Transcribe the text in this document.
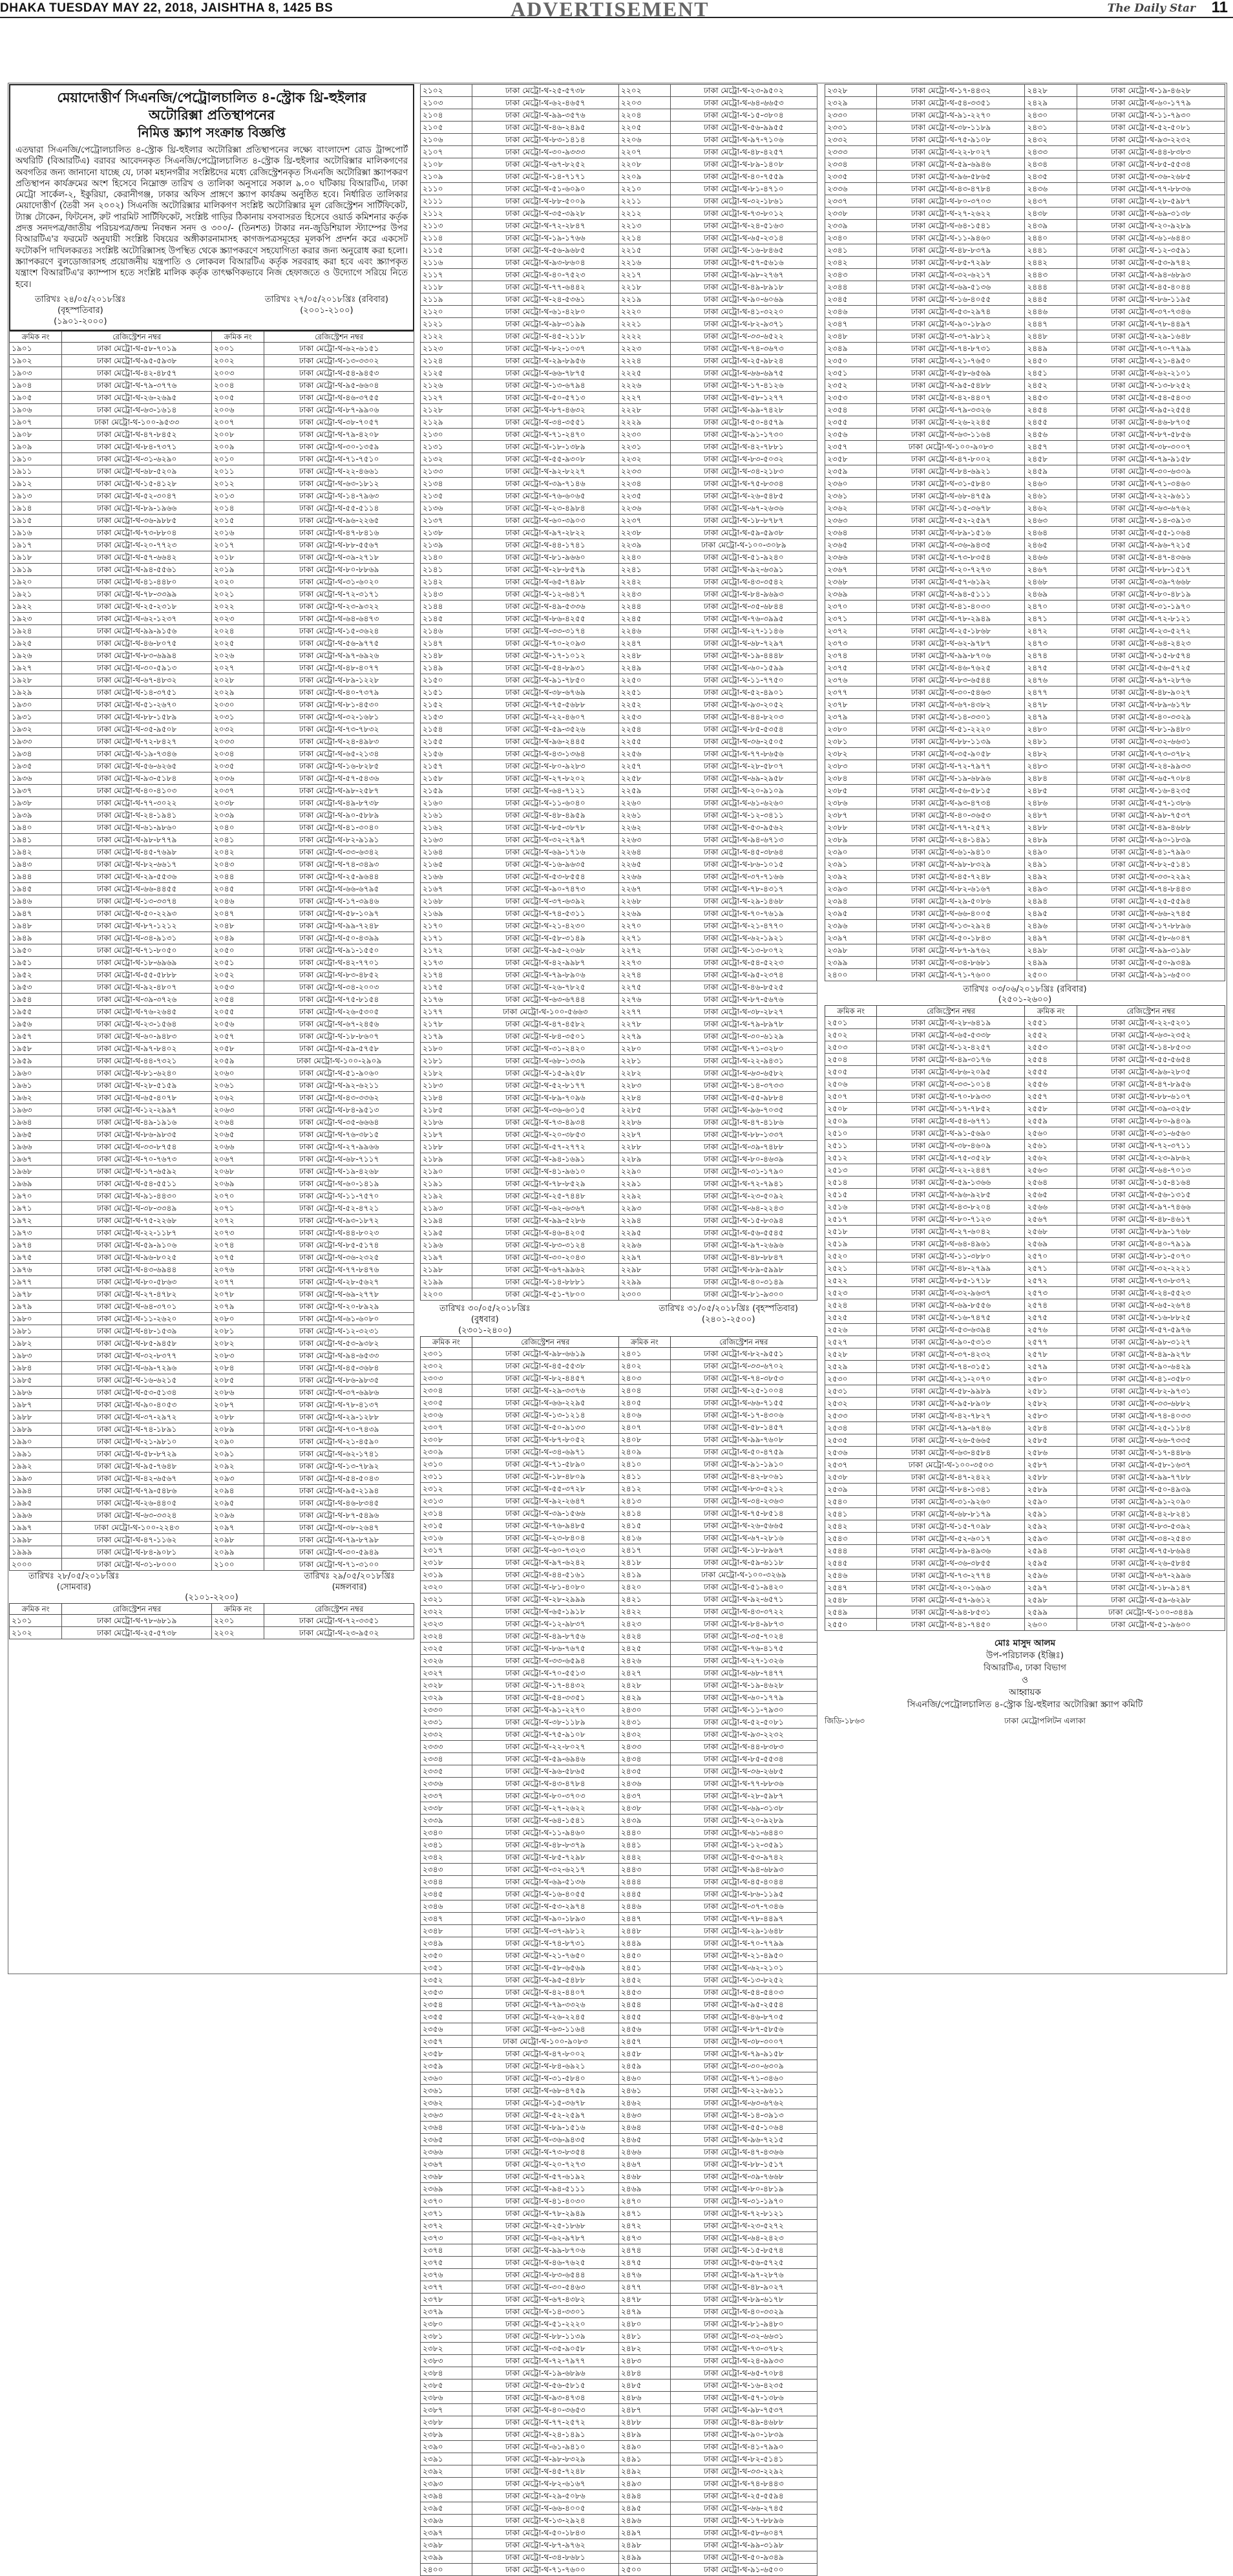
DHAKA TUESDAY MAY 22, 2018, JAISHTHA 8, 1425 BS	ADVERTISEMENT	The Daily Star 11
মেয়াদোত্তীর্ণ সিএনজি/পেট্রোলচালিত ৪-স্ট্রোক থ্রি-হুইলার
অটোরিক্সা প্রতিস্থাপনের
নিমিত্ত স্ক্র্যাপ সংক্রান্ত বিজ্ঞপ্তি

এতদ্বারা সিএনজি/পেট্রোলচালিত ৪-স্ট্রোক থ্রি-হুইলার অটোরিক্সা প্রতিস্থাপনের লক্ষ্যে বাংলাদেশ রোড ট্রান্সপোর্ট অথরিটি (বিআরটিএ) বরাবর আবেদনকৃত সিএনজি/পেট্রোলচালিত ৪-স্ট্রোক থ্রি-হুইলার অটোরিক্সার মালিকগণের অবগতির জন্য জানানো যাচ্ছে যে, ঢাকা মহানগরীর সংশ্লিষ্টদের মধ্যে রেজিস্ট্রেশনকৃত সিএনজি অটোরিক্সা স্ক্র্যাপকরণ প্রতিস্থাপন কার্যক্রমের অংশ হিসেবে নিম্নোক্ত তারিখ ও তালিকা অনুসারে সকাল ৯.০০ ঘটিকায় বিআরটিএ, ঢাকা মেট্রো সার্কেল-২, ইকুরিয়া, কেরানীগঞ্জ, ঢাকার অফিস প্রাঙ্গণে স্ক্র্যাপ কার্যক্রম অনুষ্ঠিত হবে। নির্ধারিত তালিকার মেয়াদোত্তীর্ণ (তৈরী সন ২০০২) সিএনজি অটোরিক্সার মালিকগণ সংশ্লিষ্ট অটোরিক্সার মূল রেজিস্ট্রেশন সার্টিফিকেট, ট্যাক্স টোকেন, ফিটনেস, রুট পারমিট সার্টিফিকেট, সংশ্লিষ্ট গাড়ির ঠিকানায় বসবাসরত হিসেবে ওয়ার্ড কমিশনার কর্তৃক প্রদত্ত সনদপত্র/জাতীয় পরিচয়পত্র/জন্ম নিবন্ধন সনদ ও ৩০০/- (তিনশত) টাকার নন-জুডিশিয়াল স্ট্যাম্পের উপর বিআরটিএ'র ফরমেট অনুযায়ী সংশ্লিষ্ট বিষয়ের অঙ্গীকারনামাসহ কাগজপত্রসমূহের মূলকপি প্রদর্শন করে একসেট ফটোকপি দাখিলকরতঃ সংশ্লিষ্ট অটোরিক্সাসহ উপস্থিত থেকে স্ক্র্যাপকরণে সহযোগিতা করার জন্য অনুরোধ করা হলো। স্ক্র্যাপকরণে বুলডোজারসহ প্রয়োজনীয় যন্ত্রপাতি ও লোকবল বিআরটিএ কর্তৃক সরবরাহ করা হবে এবং স্ক্র্যাপকৃত যন্ত্রাংশ বিআরটিএ'র ক্যাম্পাস হতে সংশ্লিষ্ট মালিক কর্তৃক তাৎক্ষণিকভাবে নিজ হেফাজতে ও উদ্যোগে সরিয়ে নিতে হবে।

তারিখঃ ২৪/০৫/২০১৮খ্রিঃ
(বৃহস্পতিবার)
(১৯০১-২০০০)
তারিখঃ ২৭/০৫/২০১৮খ্রিঃ (রবিবার)
(২০০১-২১০০)
ক্রমিক নং	রেজিস্ট্রেশন নম্বর	ক্রমিক নং	রেজিস্ট্রেশন নম্বর
১৯০১	ঢাকা মেট্রো-থ-৫৮-৭০১৯	২০০১	ঢাকা মেট্রো-থ-৬২-৬১৫১
১৯০২	ঢাকা মেট্রো-থ-৯৫-৫৯৩৮	২০০২	ঢাকা মেট্রো-থ-১৩-৩৩০২
১৯০৩	ঢাকা মেট্রো-থ-৪২-৪৮৫৭	২০০৩	ঢাকা মেট্রো-থ-৫৪-৯৪৫৩
১৯০৪	ঢাকা মেট্রো-থ-৭৯-৩৭৭৬	২০০৪	ঢাকা মেট্রো-থ-৯৫-৬৬০৪
১৯০৫	ঢাকা মেট্রো-থ-২৬-২৬৯৫	২০০৫	ঢাকা মেট্রো-থ-৪৬-৩৭৫৫
১৯০৬	ঢাকা মেট্রো-থ-৬৩-১৬১৪	২০০৬	ঢাকা মেট্রো-থ-৮৭-৯৯০৬
১৯০৭	ঢাকা মেট্রো-থ-১০০-৯৫৩৩	২০০৭	ঢাকা মেট্রো-থ-৩৮-৭০৫৭
১৯০৮	ঢাকা মেট্রো-থ-৪৭-৮৪৫২	২০০৮	ঢাকা মেট্রো-থ-৭৯-৪২০৮
১৯০৯	ঢাকা মেট্রো-থ-৮৪-৭৩৭১	২০০৯	ঢাকা মেট্রো-থ-৩০-১৩৫৯
১৯১০	ঢাকা মেট্রো-থ-৩১-৬২৯০	২০১০	ঢাকা মেট্রো-থ-৭১-৭৫১০
১৯১১	ঢাকা মেট্রো-থ-৬৮-৫২০৯	২০১১	ঢাকা মেট্রো-থ-২২-৪৬৬১
১৯১২	ঢাকা মেট্রো-থ-১৫-৪১২৮	২০১২	ঢাকা মেট্রো-থ-৬৩-১৮১২
১৯১৩	ঢাকা মেট্রো-থ-৫২-৩০৪৭	২০১৩	ঢাকা মেট্রো-থ-১৪-৭৯৬৩
১৯১৪	ঢাকা মেট্রো-থ-৮৯-১৯৬৬	২০১৪	ঢাকা মেট্রো-থ-৫৫-৫১১৪
১৯১৫	ঢাকা মেট্রো-থ-৩৬-৯৮৮৫	২০১৫	ঢাকা মেট্রো-থ-৯৬-২২৬৫
১৯১৬	ঢাকা মেট্রো-থ-৭৩-৮৮০৪	২০১৬	ঢাকা মেট্রো-থ-৪৭-৮৪১৬
১৯১৭	ঢাকা মেট্রো-থ-২০-৭৭২৩	২০১৭	ঢাকা মেট্রো-থ-৮৮-৫৫৬৭
১৯১৮	ঢাকা মেট্রো-থ-৫৭-৬৬৪২	২০১৮	ঢাকা মেট্রো-থ-৩৯-২৭১৮
১৯১৯	ঢাকা মেট্রো-থ-৯৪-৫৫৬১	২০১৯	ঢাকা মেট্রো-থ-৮০-৮৮৬৯
১৯২০	ঢাকা মেট্রো-থ-৪১-৪৪৮০	২০২০	ঢাকা মেট্রো-থ-৩১-৬০২০
১৯২১	ঢাকা মেট্রো-থ-৭৮-৩৩৯৯	২০২১	ঢাকা মেট্রো-থ-৭২-৩১৭১
১৯২২	ঢাকা মেট্রো-থ-২৫-২৩১৮	২০২২	ঢাকা মেট্রো-থ-২৩-৯৩২২
১৯২৩	ঢাকা মেট্রো-থ-৬২-১২৩৭	২০২৩	ঢাকা মেট্রো-থ-৬৪-৬৪৭৩
১৯২৪	ঢাকা মেট্রো-থ-৯৯-৯১৫৬	২০২৪	ঢাকা মেট্রো-থ-১৫-৩৬২৪
১৯২৫	ঢাকা মেট্রো-থ-৪৬-৮০৭৫	২০২৫	ঢাকা মেট্রো-থ-৫৬-৯৭৭৫
১৯২৬	ঢাকা মেট্রো-থ-৮৩-৬৯৯৪	২০২৬	ঢাকা মেট্রো-থ-৯৭-৬৯২৬
১৯২৭	ঢাকা মেট্রো-থ-৩০-৫৯১৩	২০২৭	ঢাকা মেট্রো-থ-৪৮-৪০৭৭
১৯২৮	ঢাকা মেট্রো-থ-৬৭-৪৮৩২	২০২৮	ঢাকা মেট্রো-থ-৮৯-১২২৮
১৯২৯	ঢাকা মেট্রো-থ-১৪-৩৭৫১	২০২৯	ঢাকা মেট্রো-থ-৪০-৭৩৭৯
১৯৩০	ঢাকা মেট্রো-থ-৫১-২৬৭০	২০৩০	ঢাকা মেট্রো-থ-৮১-৪৫৩০
১৯৩১	ঢাকা মেট্রো-থ-৮৮-১৫৮৯	২০৩১	ঢাকা মেট্রো-থ-৩২-১৬৮১
১৯৩২	ঢাকা মেট্রো-থ-৩৫-৯৫০৮	২০৩২	ঢাকা মেট্রো-থ-৭৩-৭৮৩২
১৯৩৩	ঢাকা মেট্রো-থ-৭২-৮৪২৭	২০৩৩	ঢাকা মেট্রো-থ-২৪-৪৯৮৩
১৯৩৪	ঢাকা মেট্রো-থ-১৯-৭৩৪৬	২০৩৪	ঢাকা মেট্রো-থ-৬৫-২১৩৪
১৯৩৫	ঢাকা মেট্রো-থ-৫৬-৬২৬৫	২০৩৫	ঢাকা মেট্রো-থ-১৬-৮২৮৫
১৯৩৬	ঢাকা মেট্রো-থ-৯৩-৫১৮৪	২০৩৬	ঢাকা মেট্রো-থ-৫৭-৫৪৩৬
১৯৩৭	ঢাকা মেট্রো-থ-৪০-৪১০৩	২০৩৭	ঢাকা মেট্রো-থ-৯৮-২৫৮৭
১৯৩৮	ঢাকা মেট্রো-থ-৭৭-৩০২২	২০৩৮	ঢাকা মেট্রো-থ-৪৯-৮৭৩৮
১৯৩৯	ঢাকা মেট্রো-থ-২৪-১৯৪১	২০৩৯	ঢাকা মেট্রো-থ-৯০-৫৮৮৯
১৯৪০	ঢাকা মেট্রো-থ-৬১-৯৮৬০	২০৪০	ঢাকা মেট্রো-থ-৪১-৩০৪০
১৯৪১	ঢাকা মেট্রো-থ-৯৮-৮৭৭৯	২০৪১	ঢাকা মেট্রো-থ-৮২-৯১৯১
১৯৪২	ঢাকা মেট্রো-থ-৪৫-৭৬৯৮	২০৪২	ঢাকা মেট্রো-থ-৩৩-৬৩৪২
১৯৪৩	ঢাকা মেট্রো-থ-৮২-৬৬১৭	২০৪৩	ঢাকা মেট্রো-থ-৭৪-৩৪৯৩
১৯৪৪	ঢাকা মেট্রো-থ-২৯-৫৫৩৬	২০৪৪	ঢাকা মেট্রো-থ-২৫-৯৬৪৪
১৯৪৫	ঢাকা মেট্রো-থ-৬৬-৪৪৫৫	২০৪৫	ঢাকা মেট্রো-থ-৬৬-৬৭৯৫
১৯৪৬	ঢাকা মেট্রো-থ-১৩-৩৩৭৪	২০৪৬	ঢাকা মেট্রো-থ-১৭-৩৯৪৬
১৯৪৭	ঢাকা মেট্রো-থ-৫০-২২৯৩	২০৪৭	ঢাকা মেট্রো-থ-৫৮-১০৯৭
১৯৪৮	ঢাকা মেট্রো-থ-৮৭-১২১২	২০৪৮	ঢাকা মেট্রো-থ-৯৯-৭২৪৮
১৯৪৯	ঢাকা মেট্রো-থ-৩৪-৯১৩১	২০৪৯	ঢাকা মেট্রো-থ-৫০-৪৩৯৯
১৯৫০	ঢাকা মেট্রো-থ-৭১-৮০৫০	২০৫০	ঢাকা মেট্রো-থ-৯১-১৫৫০
১৯৫১	ঢাকা মেট্রো-থ-১৮-৬৯৬৯	২০৫১	ঢাকা মেট্রো-থ-৪২-৭৭০১
১৯৫২	ঢাকা মেট্রো-থ-৫৫-৫৮৮৮	২০৫২	ঢাকা মেট্রো-থ-৮৩-৪৮৫২
১৯৫৩	ঢাকা মেট্রো-থ-৯২-৪৮০৭	২০৫৩	ঢাকা মেট্রো-থ-৩৪-২০০৩
১৯৫৪	ঢাকা মেট্রো-থ-৩৯-৩৭২৬	২০৫৪	ঢাকা মেট্রো-থ-৭৫-৮১৫৪
১৯৫৫	ঢাকা মেট্রো-থ-৭৬-২৬৪৫	২০৫৫	ঢাকা মেট্রো-থ-২৬-৫৩০৫
১৯৫৬	ঢাকা মেট্রো-থ-২৩-১৫৬৪	২০৫৬	ঢাকা মেট্রো-থ-৬৭-২৪৫৬
১৯৫৭	ঢাকা মেট্রো-থ-৬০-৯৪৮৩	২০৫৭	ঢাকা মেট্রো-থ-১৮-৮৬০৭
১৯৫৮	ঢাকা মেট্রো-থ-৯৭-৮৪০২	২০৫৮	ঢাকা মেট্রো-থ-৫৯-৫৭৫৮
১৯৫৯	ঢাকা মেট্রো-থ-৪৪-৭৩২১	২০৫৯	ঢাকা মেট্রো-থ-১০০-২৯০৯
১৯৬০	ঢাকা মেট্রো-থ-৮১-৬২৪০	২০৬০	ঢাকা মেট্রো-থ-৫১-৯০৬০
১৯৬১	ঢাকা মেট্রো-থ-২৮-৫১৫৯	২০৬১	ঢাকা মেট্রো-থ-৯২-৬২১১
১৯৬২	ঢাকা মেট্রো-থ-৬৫-৪০৭৮	২০৬২	ঢাকা মেট্রো-থ-৪৩-৩৩৬২
১৯৬৩	ঢাকা মেট্রো-থ-১২-২৯৯৭	২০৬৩	ঢাকা মেট্রো-থ-৮৪-৯৫১৩
১৯৬৪	ঢাকা মেট্রো-থ-৪৯-১৯১৬	২০৬৪	ঢাকা মেট্রো-থ-৩৫-৬৬৬৪
১৯৬৫	ঢাকা মেট্রো-থ-৮৬-৯৮৩৫	২০৬৫	ঢাকা মেট্রো-থ-৭৬-৩৮১৫
১৯৬৬	ঢাকা মেট্রো-থ-৩৩-৮৭৫৪	২০৬৬	ঢাকা মেট্রো-থ-২৭-৯৯৬৬
১৯৬৭	ঢাকা মেট্রো-থ-৭০-৭৬৭৩	২০৬৭	ঢাকা মেট্রো-থ-৬৮-৭১১৭
১৯৬৮	ঢাকা মেট্রো-থ-১৭-৬৫৯২	২০৬৮	ঢাকা মেট্রো-থ-১৯-৪২৬৮
১৯৬৯	ঢাকা মেট্রো-থ-৫৪-৫৫১১	২০৬৯	ঢাকা মেট্রো-থ-৬০-১৪১৯
১৯৭০	ঢাকা মেট্রো-থ-৯১-৪৪৩০	২০৭০	ঢাকা মেট্রো-থ-১১-৭৫৭০
১৯৭১	ঢাকা মেট্রো-থ-৩৮-৩৩৪৯	২০৭১	ঢাকা মেট্রো-থ-৫২-৪৭২১
১৯৭২	ঢাকা মেট্রো-থ-৭৫-২২৬৮	২০৭২	ঢাকা মেট্রো-থ-৯৩-১৮৭২
১৯৭৩	ঢাকা মেট্রো-থ-২২-১১৮৭	২০৭৩	ঢাকা মেট্রো-থ-৪৪-৮০২৩
১৯৭৪	ঢাকা মেট্রো-থ-৫৯-৯১০৬	২০৭৪	ঢাকা মেট্রো-থ-৮৫-৫১৭৪
১৯৭৫	ঢাকা মেট্রো-থ-৯৬-৮০২৫	২০৭৫	ঢাকা মেট্রো-থ-৩৬-২৩২৫
১৯৭৬	ঢাকা মেট্রো-থ-৪৩-৬৯৪৪	২০৭৬	ঢাকা মেট্রো-থ-৭৭-৮৪৭৬
১৯৭৭	ঢাকা মেট্রো-থ-৮০-৫৮৬৩	২০৭৭	ঢাকা মেট্রো-থ-২৮-৫৬২৭
১৯৭৮	ঢাকা মেট্রো-থ-২৭-৪৭৮২	২০৭৮	ঢাকা মেট্রো-থ-৬৯-২৭৭৮
১৯৭৯	ঢাকা মেট্রো-থ-৬৪-৩৭০১	২০৭৯	ঢাকা মেট্রো-থ-২০-৮৯২৯
১৯৮০	ঢাকা মেট্রো-থ-১১-২৬২০	২০৮০	ঢাকা মেট্রো-থ-৬১-৬০৮০
১৯৮১	ঢাকা মেট্রো-থ-৪৮-১৫৩৯	২০৮১	ঢাকা মেট্রো-থ-১২-৩২৩১
১৯৮২	ঢাকা মেট্রো-থ-৮৫-৯৪৫৮	২০৮২	ঢাকা মেট্রো-থ-৫৩-৯৩৮২
১৯৮৩	ঢাকা মেট্রো-থ-৩২-৮৩৭৭	২০৮৩	ঢাকা মেট্রো-থ-৯৪-৬৫৩৩
১৯৮৪	ঢাকা মেট্রো-থ-৬৯-৭২৯৬	২০৮৪	ঢাকা মেট্রো-থ-৪৫-৩৬৮৪
১৯৮৫	ঢাকা মেট্রো-থ-১৬-৬২১৫	২০৮৫	ঢাকা মেট্রো-থ-৮৬-৯৮৩৫
১৯৮৬	ঢাকা মেট্রো-থ-৫৩-৫১৩৪	২০৮৬	ঢাকা মেট্রো-থ-৩৭-৬৯৮৬
১৯৮৭	ঢাকা মেট্রো-থ-৯০-৪০৫৩	২০৮৭	ঢাকা মেট্রো-থ-৭৮-৪১৩৭
১৯৮৮	ঢাকা মেট্রো-থ-৩৭-২৯৭২	২০৮৮	ঢাকা মেট্রো-থ-২৯-১২৮৮
১৯৮৯	ঢাকা মেট্রো-থ-৭৪-১৮৯১	২০৮৯	ঢাকা মেট্রো-থ-৭০-৭৪৩৯
১৯৯০	ঢাকা মেট্রো-থ-২১-৯৮১০	২০৯০	ঢাকা মেট্রো-থ-২১-৪৫৯০
১৯৯১	ঢাকা মেট্রো-থ-৫৮-৮৭২৯	২০৯১	ঢাকা মেট্রো-থ-৬২-১৭৪১
১৯৯২	ঢাকা মেট্রো-থ-৯৫-৭৬৪৮	২০৯২	ঢাকা মেট্রো-থ-১৩-৭৮৯২
১৯৯৩	ঢাকা মেট্রো-থ-৪২-৬৫৬৭	২০৯৩	ঢাকা মেট্রো-থ-৫৪-৫০৪৩
১৯৯৪	ঢাকা মেট্রো-থ-৭৯-৫৪৮৬	২০৯৪	ঢাকা মেট্রো-থ-৯৫-২১৯৪
১৯৯৫	ঢাকা মেট্রো-থ-২৬-৪৪০৫	২০৯৫	ঢাকা মেট্রো-থ-৪৬-৮৩৪৫
১৯৯৬	ঢাকা মেট্রো-থ-৬৩-৩৩২৪	২০৯৬	ঢাকা মেট্রো-থ-৮৭-৫৪৯৬
১৯৯৭	ঢাকা মেট্রো-থ-১০০-২২৪৩	২০৯৭	ঢাকা মেট্রো-থ-৩৮-২৬৪৭
১৯৯৮	ঢাকা মেট্রো-থ-৪৭-১১৬২	২০৯৮	ঢাকা মেট্রো-থ-৭৯-৮৭৯৮
১৯৯৯	ঢাকা মেট্রো-থ-৮৪-৯০৮১	২০৯৯	ঢাকা মেট্রো-থ-৩০-৫৯৪৯
২০০০	ঢাকা মেট্রো-থ-৩১-৮০০০	২১০০	ঢাকা মেট্রো-থ-৭১-৩১০০
তারিখঃ ২৮/০৫/২০১৮খ্রিঃ
(সোমবার)
তারিখঃ ২৯/০৫/২০১৮খ্রিঃ
(মঙ্গলবার)
(২১০১-২২০০)
ক্রমিক নং	রেজিস্ট্রেশন নম্বর	ক্রমিক নং	রেজিস্ট্রেশন নম্বর
২১০১	ঢাকা মেট্রো-থ-৭৮-৬৮১৯	২২০১	ঢাকা মেট্রো-থ-৭২-৩৩৫১
২১০২	ঢাকা মেট্রো-থ-২৫-৫৭৩৮	২২০২	ঢাকা মেট্রো-থ-২৩-৯৫০২
২১০২	ঢাকা মেট্রো-থ-২৫-৫৭৩৮	২২০২	ঢাকা মেট্রো-থ-২৩-৯৫০২
২১০৩	ঢাকা মেট্রো-থ-৬২-৪৬৫৭	২২০৩	ঢাকা মেট্রো-থ-৬৪-৬৬৫৩
২১০৪	ঢাকা মেট্রো-থ-৯৯-৩৫৭৬	২২০৪	ঢাকা মেট্রো-থ-১৫-৩৮০৪
২১০৫	ঢাকা মেট্রো-থ-৪৬-২৪৯৫	২২০৫	ঢাকা মেট্রো-থ-৫৬-৯৯৫৫
২১০৬	ঢাকা মেট্রো-থ-৮৩-১৪১৪	২২০৬	ঢাকা মেট্রো-থ-৯৭-৭১০৬
২১০৭	ঢাকা মেট্রো-থ-৩০-৯৩৩৩	২২০৭	ঢাকা মেট্রো-থ-৪৮-৪২৫৭
২১০৮	ঢাকা মেট্রো-থ-৬৭-৮২৫২	২২০৮	ঢাকা মেট্রো-থ-৮৯-১৪০৮
২১০৯	ঢাকা মেট্রো-থ-১৪-৭১৭১	২২০৯	ঢাকা মেট্রো-থ-৪০-৭৫৫৯
২১১০	ঢাকা মেট্রো-থ-৫১-৬০৯০	২২১০	ঢাকা মেট্রো-থ-৮১-৪৭১০
২১১১	ঢাকা মেট্রো-থ-৮৮-৫০০৯	২২১১	ঢাকা মেট্রো-থ-৩২-১৮৬১
২১১২	ঢাকা মেট্রো-থ-৩৫-৩৯২৮	২২১২	ঢাকা মেট্রো-থ-৭৩-৮০১২
২১১৩	ঢাকা মেট্রো-থ-৭২-২৮৪৭	২২১৩	ঢাকা মেট্রো-থ-২৪-৫১৬৩
২১১৪	ঢাকা মেট্রো-থ-১৯-১৭৬৬	২২১৪	ঢাকা মেট্রো-থ-৬৫-২৩১৪
২১১৫	ঢাকা মেট্রো-থ-৫৬-৯৬৮৫	২২১৫	ঢাকা মেট্রো-থ-১৬-৮৪৬৫
২১১৬	ঢাকা মেট্রো-থ-৯৩-৮৬০৪	২২১৬	ঢাকা মেট্রো-থ-৫৭-৫৬১৬
২১১৭	ঢাকা মেট্রো-থ-৪০-৭৫২৩	২২১৭	ঢাকা মেট্রো-থ-৯৮-২৭৬৭
২১১৮	ঢাকা মেট্রো-থ-৭৭-৬৪৪২	২২১৮	ঢাকা মেট্রো-থ-৪৯-৮৯১৮
২১১৯	ঢাকা মেট্রো-থ-২৪-৫৩৬১	২২১৯	ঢাকা মেট্রো-থ-৯০-৬০৬৯
২১২০	ঢাকা মেট্রো-থ-৬১-৪২৮০	২২২০	ঢাকা মেট্রো-থ-৪১-৩২২০
২১২১	ঢাকা মেট্রো-থ-৯৮-৩১৯৯	২২২১	ঢাকা মেট্রো-থ-৮২-৯৩৭১
২১২২	ঢাকা মেট্রো-থ-৪৫-২১১৮	২২২২	ঢাকা মেট্রো-থ-৩৩-৬৫২২
২১২৩	ঢাকা মেট্রো-থ-৮২-১০৩৭	২২২৩	ঢাকা মেট্রো-থ-৭৪-৩৬৭৩
২১২৪	ঢাকা মেট্রো-থ-২৯-৮৯৫৬	২২২৪	ঢাকা মেট্রো-থ-২৫-৯৮২৪
২১২৫	ঢাকা মেট্রো-থ-৬৬-৭৮৭৫	২২২৫	ঢাকা মেট্রো-থ-৬৬-৬৯৭৫
২১২৬	ঢাকা মেট্রো-থ-১৩-৬৭৯৪	২২২৬	ঢাকা মেট্রো-থ-১৭-৪১২৬
২১২৭	ঢাকা মেট্রো-থ-৫০-৫৭১৩	২২২৭	ঢাকা মেট্রো-থ-৫৮-১২৭৭
২১২৮	ঢাকা মেট্রো-থ-৮৭-৪৬৩২	২২২৮	ঢাকা মেট্রো-থ-৯৯-৭৪২৮
২১২৯	ঢাকা মেট্রো-থ-৩৪-৩৫৫১	২২২৯	ঢাকা মেট্রো-থ-৫০-৪৫৭৯
২১৩০	ঢাকা মেট্রো-থ-৭১-২৪৭০	২২৩০	ঢাকা মেট্রো-থ-৯১-১৭৩০
২১৩১	ঢাকা মেট্রো-থ-১৮-১৩৮৯	২২৩১	ঢাকা মেট্রো-থ-৪২-৭৮৮১
২১৩২	ঢাকা মেট্রো-থ-৫৫-৯৩০৮	২২৩২	ঢাকা মেট্রো-থ-৮৩-৫০৩২
২১৩৩	ঢাকা মেট্রো-থ-৯২-৮২২৭	২২৩৩	ঢাকা মেট্রো-থ-৩৪-২১৮৩
২১৩৪	ঢাকা মেট্রো-থ-৩৯-৭১৪৬	২২৩৪	ঢাকা মেট্রো-থ-৭৫-৮৩৩৪
২১৩৫	ঢাকা মেট্রো-থ-৭৬-৬০৬৫	২২৩৫	ঢাকা মেট্রো-থ-২৬-৫৪৮৫
২১৩৬	ঢাকা মেট্রো-থ-২৩-৪৯৮৪	২২৩৬	ঢাকা মেট্রো-থ-৬৭-২৬৩৬
২১৩৭	ঢাকা মেট্রো-থ-৬০-৩৯০৩	২২৩৭	ঢাকা মেট্রো-থ-১৮-৮৭৮৭
২১৩৮	ঢাকা মেট্রো-থ-৯৭-২৮২২	২২৩৮	ঢাকা মেট্রো-থ-৫৯-৫৯৩৮
২১৩৯	ঢাকা মেট্রো-থ-৪৪-১৭৪১	২২৩৯	ঢাকা মেট্রো-থ-১০০-৩০৮৯
২১৪০	ঢাকা মেট্রো-থ-৮১-৯৬৬০	২২৪০	ঢাকা মেট্রো-থ-৫১-৯২৪০
২১৪১	ঢাকা মেট্রো-থ-২৮-৮৫৭৯	২২৪১	ঢাকা মেট্রো-থ-৯২-৬৩৯১
২১৪২	ঢাকা মেট্রো-থ-৬৫-৭৪৯৮	২২৪২	ঢাকা মেট্রো-থ-৪৩-৩৫৪২
২১৪৩	ঢাকা মেট্রো-থ-১২-৬৪১৭	২২৪৩	ঢাকা মেট্রো-থ-৮৪-৯৬৯৩
২১৪৪	ঢাকা মেট্রো-থ-৪৯-৫৩৩৬	২২৪৪	ঢাকা মেট্রো-থ-৩৫-৬৮৪৪
২১৪৫	ঢাকা মেট্রো-থ-৮৬-৪২৫৫	২২৪৫	ঢাকা মেট্রো-থ-৭৬-৩৯৯৫
২১৪৬	ঢাকা মেট্রো-থ-৩৩-৩১৭৪	২২৪৬	ঢাকা মেট্রো-থ-২৭-১১৪৬
২১৪৭	ঢাকা মেট্রো-থ-৭০-২০৯৩	২২৪৭	ঢাকা মেট্রো-থ-৬৮-৭২৯৭
২১৪৮	ঢাকা মেট্রো-থ-১৭-১০১২	২২৪৮	ঢাকা মেট্রো-থ-১৯-৪৪৪৮
২১৪৯	ঢাকা মেট্রো-থ-৫৪-৮৯৩১	২২৪৯	ঢাকা মেট্রো-থ-৬০-১৫৯৯
২১৫০	ঢাকা মেট্রো-থ-৯১-৭৮৫০	২২৫০	ঢাকা মেট্রো-থ-১১-৭৭৫০
২১৫১	ঢাকা মেট্রো-থ-৩৮-৬৭৬৯	২২৫১	ঢাকা মেট্রো-থ-৫২-৪৯০১
২১৫২	ঢাকা মেট্রো-থ-৭৫-৫৬৮৮	২২৫২	ঢাকা মেট্রো-থ-৯৩-২০৫২
২১৫৩	ঢাকা মেট্রো-থ-২২-৪৬০৭	২২৫৩	ঢাকা মেট্রো-থ-৪৪-৮২০৩
২১৫৪	ঢাকা মেট্রো-থ-৫৯-৩৫২৬	২২৫৪	ঢাকা মেট্রো-থ-৮৫-৫৩৫৪
২১৫৫	ঢাকা মেট্রো-থ-৯৬-২৪৪৫	২২৫৫	ঢাকা মেট্রো-থ-৩৬-২৫০৫
২১৫৬	ঢাকা মেট্রো-থ-৪৩-১৩৬৪	২২৫৬	ঢাকা মেট্রো-থ-৭৭-৮৬৫৬
২১৫৭	ঢাকা মেট্রো-থ-৮০-৯২৮৩	২২৫৭	ঢাকা মেট্রো-থ-২৮-৫৮০৭
২১৫৮	ঢাকা মেট্রো-থ-২৭-৮২০২	২২৫৮	ঢাকা মেট্রো-থ-৬৯-২৯৫৮
২১৫৯	ঢাকা মেট্রো-থ-৬৪-৭১২১	২২৫৯	ঢাকা মেট্রো-থ-২০-৯১০৯
২১৬০	ঢাকা মেট্রো-থ-১১-৬০৪০	২২৬০	ঢাকা মেট্রো-থ-৬১-৬২৬০
২১৬১	ঢাকা মেট্রো-থ-৪৮-৪৯৫৯	২২৬১	ঢাকা মেট্রো-থ-১২-৩৪১১
২১৬২	ঢাকা মেট্রো-থ-৮৫-৩৮৭৮	২২৬২	ঢাকা মেট্রো-থ-৫৩-৯৫৬২
২১৬৩	ঢাকা মেট্রো-থ-৩২-২৭৯৭	২২৬৩	ঢাকা মেট্রো-থ-৯৪-৬৭১৩
২১৬৪	ঢাকা মেট্রো-থ-৬৯-১৭১৬	২২৬৪	ঢাকা মেট্রো-থ-৪৫-৩৮৬৪
২১৬৫	ঢাকা মেট্রো-থ-১৬-৯৬৩৫	২২৬৫	ঢাকা মেট্রো-থ-৮৬-১০১৫
২১৬৬	ঢাকা মেট্রো-থ-৫৩-৮৫৫৪	২২৬৬	ঢাকা মেট্রো-থ-৩৭-৭১৬৬
২১৬৭	ঢাকা মেট্রো-থ-৯০-৭৪৭৩	২২৬৭	ঢাকা মেট্রো-থ-৭৮-৪৩১৭
২১৬৮	ঢাকা মেট্রো-থ-৩৭-৬৩৯২	২২৬৮	ঢাকা মেট্রো-থ-২৯-১৪৬৮
২১৬৯	ঢাকা মেট্রো-থ-৭৪-৫৩১১	২২৬৯	ঢাকা মেট্রো-থ-৭০-৭৬১৯
২১৭০	ঢাকা মেট্রো-থ-২১-৪২৩০	২২৭০	ঢাকা মেট্রো-থ-২১-৪৭৭০
২১৭১	ঢাকা মেট্রো-থ-৫৮-৩১৪৯	২২৭১	ঢাকা মেট্রো-থ-৬২-১৯২১
২১৭২	ঢাকা মেট্রো-থ-৯৫-২০৬৮	২২৭২	ঢাকা মেট্রো-থ-১৩-৮০৭২
২১৭৩	ঢাকা মেট্রো-থ-৪২-৯৯৮৭	২২৭৩	ঢাকা মেট্রো-থ-৫৪-৫২২৩
২১৭৪	ঢাকা মেট্রো-থ-৭৯-৮৯০৬	২২৭৪	ঢাকা মেট্রো-থ-৯৫-২৩৭৪
২১৭৫	ঢাকা মেট্রো-থ-২৬-৭৮২৫	২২৭৫	ঢাকা মেট্রো-থ-৪৬-৮৫২৫
২১৭৬	ঢাকা মেট্রো-থ-৬৩-৬৭৪৪	২২৭৬	ঢাকা মেট্রো-থ-৮৭-৫৬৭৬
২১৭৭	ঢাকা মেট্রো-থ-১০০-৫৬৬৩	২২৭৭	ঢাকা মেট্রো-থ-৩৮-২৮২৭
২১৭৮	ঢাকা মেট্রো-থ-৪৭-৪৫৮২	২২৭৮	ঢাকা মেট্রো-থ-৭৯-৮৯৭৮
২১৭৯	ঢাকা মেট্রো-থ-৮৪-৩৫০১	২২৭৯	ঢাকা মেট্রো-থ-৩০-৬১২৯
২১৮০	ঢাকা মেট্রো-থ-৩১-২৪২০	২২৮০	ঢাকা মেট্রো-থ-৭১-৩২৮০
২১৮১	ঢাকা মেট্রো-থ-৬৮-১৩৩৯	২২৮১	ঢাকা মেট্রো-থ-২২-৯৪৩১
২১৮২	ঢাকা মেট্রো-থ-১৫-৯২৫৮	২২৮২	ঢাকা মেট্রো-থ-৬৩-৬৫৮২
২১৮৩	ঢাকা মেট্রো-থ-৫২-৮১৭৭	২২৮৩	ঢাকা মেট্রো-থ-১৪-৩৭৩৩
২১৮৪	ঢাকা মেট্রো-থ-৮৯-৭০৯৬	২২৮৪	ঢাকা মেট্রো-থ-৫৫-৯৮৮৪
২১৮৫	ঢাকা মেট্রো-থ-৩৬-৬০১৫	২২৮৫	ঢাকা মেট্রো-থ-৯৬-৭০৩৫
২১৮৬	ঢাকা মেট্রো-থ-৭৩-৪৯৩৪	২২৮৬	ঢাকা মেট্রো-থ-৪৭-৪১৮৬
২১৮৭	ঢাকা মেট্রো-থ-২০-৩৮৫৩	২২৮৭	ঢাকা মেট্রো-থ-৮৮-১৩৩৭
২১৮৮	ঢাকা মেট্রো-থ-৫৭-২৭৭২	২২৮৮	ঢাকা মেট্রো-থ-৩৯-৭৪৮৮
২১৮৯	ঢাকা মেট্রো-থ-৯৪-১৬৯১	২২৮৯	ঢাকা মেট্রো-থ-৮০-৪৬৩৯
২১৯০	ঢাকা মেট্রো-থ-৪১-৯৬১০	২২৯০	ঢাকা মেট্রো-থ-৩১-১৭৯০
২১৯১	ঢাকা মেট্রো-থ-৭৮-৮৫২৯	২২৯১	ঢাকা মেট্রো-থ-৭২-৭৯৪১
২১৯২	ঢাকা মেট্রো-থ-২৫-৭৪৪৮	২২৯২	ঢাকা মেট্রো-থ-২৩-৫০৯২
২১৯৩	ঢাকা মেট্রো-থ-৬২-৬৩৬৭	২২৯৩	ঢাকা মেট্রো-থ-৬৪-২২৪৩
২১৯৪	ঢাকা মেট্রো-থ-৯৯-৫২৮৬	২২৯৪	ঢাকা মেট্রো-থ-১৫-৮৩৯৪
২১৯৫	ঢাকা মেট্রো-থ-৪৬-৪২০৫	২২৯৫	ঢাকা মেট্রো-থ-৫৬-৫৫৪৫
২১৯৬	ঢাকা মেট্রো-থ-৮৩-৩১২৪	২২৯৬	ঢাকা মেট্রো-থ-৯৭-২৬৯৬
২১৯৭	ঢাকা মেট্রো-থ-৩০-২০৪৩	২২৯৭	ঢাকা মেট্রো-থ-৪৮-৮৮৪৭
২১৯৮	ঢাকা মেট্রো-থ-৬৭-৯৯৬২	২২৯৮	ঢাকা মেট্রো-থ-৮৯-৫৯৯৮
২১৯৯	ঢাকা মেট্রো-থ-১৪-৮৮৮১	২২৯৯	ঢাকা মেট্রো-থ-৪০-৩১৪৯
২২০০	ঢাকা মেট্রো-থ-৫১-৭৮০০	২৩০০	ঢাকা মেট্রো-থ-৮১-৯৩০০
তারিখঃ ৩০/০৫/২০১৮খ্রিঃ
(বুধবার)
(২৩০১-২৪০০)
তারিখঃ ৩১/০৫/২০১৮খ্রিঃ (বৃহস্পতিবার)
(২৪০১-২৫০০)
ক্রমিক নং	রেজিস্ট্রেশন নম্বর	ক্রমিক নং	রেজিস্ট্রেশন নম্বর
২৩০১	ঢাকা মেট্রো-থ-৯৮-৬৬১৯	২৪০১	ঢাকা মেট্রো-থ-৮২-৯৫৫১
২৩০২	ঢাকা মেট্রো-থ-৪৫-৫৫৩৮	২৪০২	ঢাকা মেট্রো-থ-৩৩-৬৭০২
২৩০৩	ঢাকা মেট্রো-থ-৮২-৪৪৫৭	২৪০৩	ঢাকা মেট্রো-থ-৭৪-৩৮৫৩
২৩০৪	ঢাকা মেট্রো-থ-২৯-৩৩৭৬	২৪০৪	ঢাকা মেট্রো-থ-২৫-১০০৪
২৩০৫	ঢাকা মেট্রো-থ-৬৬-২২৯৫	২৪০৫	ঢাকা মেট্রো-থ-৬৬-৭১৫৫
২৩০৬	ঢাকা মেট্রো-থ-১৩-১২১৪	২৪০৬	ঢাকা মেট্রো-থ-১৭-৪৩০৬
২৩০৭	ঢাকা মেট্রো-থ-৫০-৯১৩৩	২৪০৭	ঢাকা মেট্রো-থ-৫৮-১৪৫৭
২৩০৮	ঢাকা মেট্রো-থ-৮৭-৮০৫২	২৪০৮	ঢাকা মেট্রো-থ-৯৯-৭৬০৮
২৩০৯	ঢাকা মেট্রো-থ-৩৪-৬৯৭১	২৪০৯	ঢাকা মেট্রো-থ-৫০-৪৭৫৯
২৩১০	ঢাকা মেট্রো-থ-৭১-৫৮৯০	২৪১০	ঢাকা মেট্রো-থ-৯১-১৯১০
২৩১১	ঢাকা মেট্রো-থ-১৮-৪৮০৯	২৪১১	ঢাকা মেট্রো-থ-৪২-৮০৬১
২৩১২	ঢাকা মেট্রো-থ-৫৫-৩৭২৮	২৪১২	ঢাকা মেট্রো-থ-৮৩-৫২১২
২৩১৩	ঢাকা মেট্রো-থ-৯২-২৬৪৭	২৪১৩	ঢাকা মেট্রো-থ-৩৪-২৩৬৩
২৩১৪	ঢাকা মেট্রো-থ-৩৯-১৫৬৬	২৪১৪	ঢাকা মেট্রো-থ-৭৫-৮৫১৪
২৩১৫	ঢাকা মেট্রো-থ-৭৬-৯৪৮৫	২৪১৫	ঢাকা মেট্রো-থ-২৬-৫৬৬৫
২৩১৬	ঢাকা মেট্রো-থ-২৩-৮৪০৪	২৪১৬	ঢাকা মেট্রো-থ-৬৭-২৮১৬
২৩১৭	ঢাকা মেট্রো-থ-৬০-৭৩২৩	২৪১৭	ঢাকা মেট্রো-থ-১৮-৮৯৬৭
২৩১৮	ঢাকা মেট্রো-থ-৯৭-৬২৪২	২৪১৮	ঢাকা মেট্রো-থ-৫৯-৬১১৮
২৩১৯	ঢাকা মেট্রো-থ-৪৪-৫১৬১	২৪১৯	ঢাকা মেট্রো-থ-১০০-৩২৬৯
২৩২০	ঢাকা মেট্রো-থ-৮১-৪০৮০	২৪২০	ঢাকা মেট্রো-থ-৫১-৯৪২০
২৩২১	ঢাকা মেট্রো-থ-২৮-২৯৯৯	২৪২১	ঢাকা মেট্রো-থ-৯২-৬৫৭১
২৩২২	ঢাকা মেট্রো-থ-৬৫-১৯১৮	২৪২২	ঢাকা মেট্রো-থ-৪৩-৩৭২২
২৩২৩	ঢাকা মেট্রো-থ-১২-৯৮৩৭	২৪২৩	ঢাকা মেট্রো-থ-৮৪-৯৮৭৩
২৩২৪	ঢাকা মেট্রো-থ-৪৯-৮৭৫৬	২৪২৪	ঢাকা মেট্রো-থ-৩৫-৭০২৪
২৩২৫	ঢাকা মেট্রো-থ-৮৬-৭৬৭৫	২৪২৫	ঢাকা মেট্রো-থ-৭৬-৪১৭৫
২৩২৬	ঢাকা মেট্রো-থ-৩৩-৬৫৯৪	২৪২৬	ঢাকা মেট্রো-থ-২৭-১৩২৬
২৩২৭	ঢাকা মেট্রো-থ-৭০-৫৫১৩	২৪২৭	ঢাকা মেট্রো-থ-৬৮-৭৪৭৭
২৩২৮	ঢাকা মেট্রো-থ-১৭-৪৪৩২	২৪২৮	ঢাকা মেট্রো-থ-১৯-৪৬২৮
২৩২৯	ঢাকা মেট্রো-থ-৫৪-৩৩৫১	২৪২৯	ঢাকা মেট্রো-থ-৬০-১৭৭৯
২৩৩০	ঢাকা মেট্রো-থ-৯১-২২৭০	২৪৩০	ঢাকা মেট্রো-থ-১১-৭৯৩০
২৩৩১	ঢাকা মেট্রো-থ-৩৮-১১৮৯	২৪৩১	ঢাকা মেট্রো-থ-৫২-৫০৮১
২৩৩২	ঢাকা মেট্রো-থ-৭৫-৯১০৮	২৪৩২	ঢাকা মেট্রো-থ-৯৩-২২৩২
২৩৩৩	ঢাকা মেট্রো-থ-২২-৮০২৭	২৪৩৩	ঢাকা মেট্রো-থ-৪৪-৮৩৮৩
২৩৩৪	ঢাকা মেট্রো-থ-৫৯-৬৯৪৬	২৪৩৪	ঢাকা মেট্রো-থ-৮৫-৫৫৩৪
২৩৩৫	ঢাকা মেট্রো-থ-৯৬-৫৮৬৫	২৪৩৫	ঢাকা মেট্রো-থ-৩৬-২৬৮৫
২৩৩৬	ঢাকা মেট্রো-থ-৪৩-৪৭৮৪	২৪৩৬	ঢাকা মেট্রো-থ-৭৭-৮৮৩৬
২৩৩৭	ঢাকা মেট্রো-থ-৮০-৩৭০৩	২৪৩৭	ঢাকা মেট্রো-থ-২৮-৫৯৮৭
২৩৩৮	ঢাকা মেট্রো-থ-২৭-২৬২২	২৪৩৮	ঢাকা মেট্রো-থ-৬৯-৩১৩৮
২৩৩৯	ঢাকা মেট্রো-থ-৬৪-১৫৪১	২৪৩৯	ঢাকা মেট্রো-থ-২০-৯২৮৯
২৩৪০	ঢাকা মেট্রো-থ-১১-৯৪৬০	২৪৪০	ঢাকা মেট্রো-থ-৬১-৬৪৪০
২৩৪১	ঢাকা মেট্রো-থ-৪৮-৮৩৭৯	২৪৪১	ঢাকা মেট্রো-থ-১২-৩৫৯১
২৩৪২	ঢাকা মেট্রো-থ-৮৫-৭২৯৮	২৪৪২	ঢাকা মেট্রো-থ-৫৩-৯৭৪২
২৩৪৩	ঢাকা মেট্রো-থ-৩২-৬২১৭	২৪৪৩	ঢাকা মেট্রো-থ-৯৪-৬৮৯৩
২৩৪৪	ঢাকা মেট্রো-থ-৬৯-৫১৩৬	২৪৪৪	ঢাকা মেট্রো-থ-৪৫-৪০৪৪
২৩৪৫	ঢাকা মেট্রো-থ-১৬-৪০৫৫	২৪৪৫	ঢাকা মেট্রো-থ-৮৬-১১৯৫
২৩৪৬	ঢাকা মেট্রো-থ-৫৩-২৯৭৪	২৪৪৬	ঢাকা মেট্রো-থ-৩৭-৭৩৪৬
২৩৪৭	ঢাকা মেট্রো-থ-৯০-১৮৯৩	২৪৪৭	ঢাকা মেট্রো-থ-৭৮-৪৪৯৭
২৩৪৮	ঢাকা মেট্রো-থ-৩৭-৯৮১২	২৪৪৮	ঢাকা মেট্রো-থ-২৯-১৬৪৮
২৩৪৯	ঢাকা মেট্রো-থ-৭৪-৮৭৩১	২৪৪৯	ঢাকা মেট্রো-থ-৭০-৭৭৯৯
২৩৫০	ঢাকা মেট্রো-থ-২১-৭৬৫০	২৪৫০	ঢাকা মেট্রো-থ-২১-৪৯৫০
২৩৫১	ঢাকা মেট্রো-থ-৫৮-৬৫৬৯	২৪৫১	ঢাকা মেট্রো-থ-৬২-২১০১
২৩৫২	ঢাকা মেট্রো-থ-৯৫-৫৪৮৮	২৪৫২	ঢাকা মেট্রো-থ-১৩-৮২৫২
২৩৫৩	ঢাকা মেট্রো-থ-৪২-৪৪০৭	২৪৫৩	ঢাকা মেট্রো-থ-৫৪-৫৪০৩
২৩৫৪	ঢাকা মেট্রো-থ-৭৯-৩৩২৬	২৪৫৪	ঢাকা মেট্রো-থ-৯৫-২৫৫৪
২৩৫৫	ঢাকা মেট্রো-থ-২৬-২২৪৫	২৪৫৫	ঢাকা মেট্রো-থ-৪৬-৮৭০৫
২৩৫৬	ঢাকা মেট্রো-থ-৬৩-১১৬৪	২৪৫৬	ঢাকা মেট্রো-থ-৮৭-৫৮৫৬
২৩৫৭	ঢাকা মেট্রো-থ-১০০-৯০৮৩	২৪৫৭	ঢাকা মেট্রো-থ-৩৮-৩০০৭
২৩৫৮	ঢাকা মেট্রো-থ-৪৭-৮০০২	২৪৫৮	ঢাকা মেট্রো-থ-৭৯-৯১৫৮
২৩৫৯	ঢাকা মেট্রো-থ-৮৪-৬৯২১	২৪৫৯	ঢাকা মেট্রো-থ-৩০-৬৩০৯
২৩৬০	ঢাকা মেট্রো-থ-৩১-৫৮৪০	২৪৬০	ঢাকা মেট্রো-থ-৭১-৩৪৬০
২৩৬১	ঢাকা মেট্রো-থ-৬৮-৪৭৫৯	২৪৬১	ঢাকা মেট্রো-থ-২২-৯৬১১
২৩৬২	ঢাকা মেট্রো-থ-১৫-৩৬৭৮	২৪৬২	ঢাকা মেট্রো-থ-৬৩-৬৭৬২
২৩৬৩	ঢাকা মেট্রো-থ-৫২-২৫৯৭	২৪৬৩	ঢাকা মেট্রো-থ-১৪-৩৯১৩
২৩৬৪	ঢাকা মেট্রো-থ-৮৯-১৫১৬	২৪৬৪	ঢাকা মেট্রো-থ-৫৫-১০৬৪
২৩৬৫	ঢাকা মেট্রো-থ-৩৬-৯৪৩৫	২৪৬৫	ঢাকা মেট্রো-থ-৯৬-৭২১৫
২৩৬৬	ঢাকা মেট্রো-থ-৭৩-৮৩৫৪	২৪৬৬	ঢাকা মেট্রো-থ-৪৭-৪৩৬৬
২৩৬৭	ঢাকা মেট্রো-থ-২০-৭২৭৩	২৪৬৭	ঢাকা মেট্রো-থ-৮৮-১৫১৭
২৩৬৮	ঢাকা মেট্রো-থ-৫৭-৬১৯২	২৪৬৮	ঢাকা মেট্রো-থ-৩৯-৭৬৬৮
২৩৬৯	ঢাকা মেট্রো-থ-৯৪-৫১১১	২৪৬৯	ঢাকা মেট্রো-থ-৮০-৪৮১৯
২৩৭০	ঢাকা মেট্রো-থ-৪১-৪০৩০	২৪৭০	ঢাকা মেট্রো-থ-৩১-১৯৭০
২৩৭১	ঢাকা মেট্রো-থ-৭৮-২৯৪৯	২৪৭১	ঢাকা মেট্রো-থ-৭২-৮১২১
২৩৭২	ঢাকা মেট্রো-থ-২৫-১৮৬৮	২৪৭২	ঢাকা মেট্রো-থ-২৩-৫২৭২
২৩৭৩	ঢাকা মেট্রো-থ-৬২-৯৭৮৭	২৪৭৩	ঢাকা মেট্রো-থ-৬৪-২৪২৩
২৩৭৪	ঢাকা মেট্রো-থ-৯৯-৮৭০৬	২৪৭৪	ঢাকা মেট্রো-থ-১৫-৮৫৭৪
২৩৭৫	ঢাকা মেট্রো-থ-৪৬-৭৬২৫	২৪৭৫	ঢাকা মেট্রো-থ-৫৬-৫৭২৫
২৩৭৬	ঢাকা মেট্রো-থ-৮৩-৬৫৪৪	২৪৭৬	ঢাকা মেট্রো-থ-৯৭-২৮৭৬
২৩৭৭	ঢাকা মেট্রো-থ-৩০-৫৪৬৩	২৪৭৭	ঢাকা মেট্রো-থ-৪৮-৯০২৭
২৩৭৮	ঢাকা মেট্রো-থ-৬৭-৪৩৮২	২৪৭৮	ঢাকা মেট্রো-থ-৮৯-৬১৭৮
২৩৭৯	ঢাকা মেট্রো-থ-১৪-৩৩০১	২৪৭৯	ঢাকা মেট্রো-থ-৪০-৩৩২৯
২৩৮০	ঢাকা মেট্রো-থ-৫১-২২২০	২৪৮০	ঢাকা মেট্রো-থ-৮১-৯৪৮০
২৩৮১	ঢাকা মেট্রো-থ-৮৮-১১৩৯	২৪৮১	ঢাকা মেট্রো-থ-৩২-৬৬৩১
২৩৮২	ঢাকা মেট্রো-থ-৩৫-৯০৫৮	২৪৮২	ঢাকা মেট্রো-থ-৭৩-৩৭৮২
২৩৮৩	ঢাকা মেট্রো-থ-৭২-৭৯৭৭	২৪৮৩	ঢাকা মেট্রো-থ-২৪-৯৯৩৩
২৩৮৪	ঢাকা মেট্রো-থ-১৯-৬৮৯৬	২৪৮৪	ঢাকা মেট্রো-থ-৬৫-৭০৮৪
২৩৮৫	ঢাকা মেট্রো-থ-৫৬-৫৮১৫	২৪৮৫	ঢাকা মেট্রো-থ-১৬-৪২৩৫
২৩৮৬	ঢাকা মেট্রো-থ-৯৩-৪৭৩৪	২৪৮৬	ঢাকা মেট্রো-থ-৫৭-১৩৮৬
২৩৮৭	ঢাকা মেট্রো-থ-৪০-৩৬৫৩	২৪৮৭	ঢাকা মেট্রো-থ-৯৮-৭৫৩৭
২৩৮৮	ঢাকা মেট্রো-থ-৭৭-২৫৭২	২৪৮৮	ঢাকা মেট্রো-থ-৪৯-৪৬৮৮
২৩৮৯	ঢাকা মেট্রো-থ-২৪-১৪৯১	২৪৮৯	ঢাকা মেট্রো-থ-৯০-১৮৩৯
২৩৯০	ঢাকা মেট্রো-থ-৬১-৯৪১০	২৪৯০	ঢাকা মেট্রো-থ-৪১-৭৯৯০
২৩৯১	ঢাকা মেট্রো-থ-৯৮-৮৩২৯	২৪৯১	ঢাকা মেট্রো-থ-৮২-৫১৪১
২৩৯২	ঢাকা মেট্রো-থ-৪৫-৭২৪৮	২৪৯২	ঢাকা মেট্রো-থ-৩৩-২২৯২
২৩৯৩	ঢাকা মেট্রো-থ-৮২-৬১৬৭	২৪৯৩	ঢাকা মেট্রো-থ-৭৪-৮৪৪৩
২৩৯৪	ঢাকা মেট্রো-থ-২৯-৫০৮৬	২৪৯৪	ঢাকা মেট্রো-থ-২৫-৫৫৯৪
২৩৯৫	ঢাকা মেট্রো-থ-৬৬-৪০০৫	২৪৯৫	ঢাকা মেট্রো-থ-৬৬-২৭৪৫
২৩৯৬	ঢাকা মেট্রো-থ-১৩-২৯২৪	২৪৯৬	ঢাকা মেট্রো-থ-১৭-৮৮৯৬
২৩৯৭	ঢাকা মেট্রো-থ-৫০-১৮৪৩	২৪৯৭	ঢাকা মেট্রো-থ-৫৮-৬০৪৭
২৩৯৮	ঢাকা মেট্রো-থ-৮৭-৯৭৬২	২৪৯৮	ঢাকা মেট্রো-থ-৯৯-৩১৯৮
২৩৯৯	ঢাকা মেট্রো-থ-৩৪-৮৬৮১	২৪৯৯	ঢাকা মেট্রো-থ-৫০-৯৩৪৯
২৪০০	ঢাকা মেট্রো-থ-৭১-৭৬০০	২৫০০	ঢাকা মেট্রো-থ-৯১-৬৫০০
২৩২৮	ঢাকা মেট্রো-থ-১৭-৪৪৩২	২৪২৮	ঢাকা মেট্রো-থ-১৯-৪৬২৮
২৩২৯	ঢাকা মেট্রো-থ-৫৪-৩৩৫১	২৪২৯	ঢাকা মেট্রো-থ-৬০-১৭৭৯
২৩৩০	ঢাকা মেট্রো-থ-৯১-২২৭০	২৪৩০	ঢাকা মেট্রো-থ-১১-৭৯৩০
২৩৩১	ঢাকা মেট্রো-থ-৩৮-১১৮৯	২৪৩১	ঢাকা মেট্রো-থ-৫২-৫০৮১
২৩৩২	ঢাকা মেট্রো-থ-৭৫-৯১০৮	২৪৩২	ঢাকা মেট্রো-থ-৯৩-২২৩২
২৩৩৩	ঢাকা মেট্রো-থ-২২-৮০২৭	২৪৩৩	ঢাকা মেট্রো-থ-৪৪-৮৩৮৩
২৩৩৪	ঢাকা মেট্রো-থ-৫৯-৬৯৪৬	২৪৩৪	ঢাকা মেট্রো-থ-৮৫-৫৫৩৪
২৩৩৫	ঢাকা মেট্রো-থ-৯৬-৫৮৬৫	২৪৩৫	ঢাকা মেট্রো-থ-৩৬-২৬৮৫
২৩৩৬	ঢাকা মেট্রো-থ-৪৩-৪৭৮৪	২৪৩৬	ঢাকা মেট্রো-থ-৭৭-৮৮৩৬
২৩৩৭	ঢাকা মেট্রো-থ-৮০-৩৭০৩	২৪৩৭	ঢাকা মেট্রো-থ-২৮-৫৯৮৭
২৩৩৮	ঢাকা মেট্রো-থ-২৭-২৬২২	২৪৩৮	ঢাকা মেট্রো-থ-৬৯-৩১৩৮
২৩৩৯	ঢাকা মেট্রো-থ-৬৪-১৫৪১	২৪৩৯	ঢাকা মেট্রো-থ-২০-৯২৮৯
২৩৪০	ঢাকা মেট্রো-থ-১১-৯৪৬০	২৪৪০	ঢাকা মেট্রো-থ-৬১-৬৪৪০
২৩৪১	ঢাকা মেট্রো-থ-৪৮-৮৩৭৯	২৪৪১	ঢাকা মেট্রো-থ-১২-৩৫৯১
২৩৪২	ঢাকা মেট্রো-থ-৮৫-৭২৯৮	২৪৪২	ঢাকা মেট্রো-থ-৫৩-৯৭৪২
২৩৪৩	ঢাকা মেট্রো-থ-৩২-৬২১৭	২৪৪৩	ঢাকা মেট্রো-থ-৯৪-৬৮৯৩
২৩৪৪	ঢাকা মেট্রো-থ-৬৯-৫১৩৬	২৪৪৪	ঢাকা মেট্রো-থ-৪৫-৪০৪৪
২৩৪৫	ঢাকা মেট্রো-থ-১৬-৪০৫৫	২৪৪৫	ঢাকা মেট্রো-থ-৮৬-১১৯৫
২৩৪৬	ঢাকা মেট্রো-থ-৫৩-২৯৭৪	২৪৪৬	ঢাকা মেট্রো-থ-৩৭-৭৩৪৬
২৩৪৭	ঢাকা মেট্রো-থ-৯০-১৮৯৩	২৪৪৭	ঢাকা মেট্রো-থ-৭৮-৪৪৯৭
২৩৪৮	ঢাকা মেট্রো-থ-৩৭-৯৮১২	২৪৪৮	ঢাকা মেট্রো-থ-২৯-১৬৪৮
২৩৪৯	ঢাকা মেট্রো-থ-৭৪-৮৭৩১	২৪৪৯	ঢাকা মেট্রো-থ-৭০-৭৭৯৯
২৩৫০	ঢাকা মেট্রো-থ-২১-৭৬৫০	২৪৫০	ঢাকা মেট্রো-থ-২১-৪৯৫০
২৩৫১	ঢাকা মেট্রো-থ-৫৮-৬৫৬৯	২৪৫১	ঢাকা মেট্রো-থ-৬২-২১০১
২৩৫২	ঢাকা মেট্রো-থ-৯৫-৫৪৮৮	২৪৫২	ঢাকা মেট্রো-থ-১৩-৮২৫২
২৩৫৩	ঢাকা মেট্রো-থ-৪২-৪৪০৭	২৪৫৩	ঢাকা মেট্রো-থ-৫৪-৫৪০৩
২৩৫৪	ঢাকা মেট্রো-থ-৭৯-৩৩২৬	২৪৫৪	ঢাকা মেট্রো-থ-৯৫-২৫৫৪
২৩৫৫	ঢাকা মেট্রো-থ-২৬-২২৪৫	২৪৫৫	ঢাকা মেট্রো-থ-৪৬-৮৭০৫
২৩৫৬	ঢাকা মেট্রো-থ-৬৩-১১৬৪	২৪৫৬	ঢাকা মেট্রো-থ-৮৭-৫৮৫৬
২৩৫৭	ঢাকা মেট্রো-থ-১০০-৯০৮৩	২৪৫৭	ঢাকা মেট্রো-থ-৩৮-৩০০৭
২৩৫৮	ঢাকা মেট্রো-থ-৪৭-৮০০২	২৪৫৮	ঢাকা মেট্রো-থ-৭৯-৯১৫৮
২৩৫৯	ঢাকা মেট্রো-থ-৮৪-৬৯২১	২৪৫৯	ঢাকা মেট্রো-থ-৩০-৬৩০৯
২৩৬০	ঢাকা মেট্রো-থ-৩১-৫৮৪০	২৪৬০	ঢাকা মেট্রো-থ-৭১-৩৪৬০
২৩৬১	ঢাকা মেট্রো-থ-৬৮-৪৭৫৯	২৪৬১	ঢাকা মেট্রো-থ-২২-৯৬১১
২৩৬২	ঢাকা মেট্রো-থ-১৫-৩৬৭৮	২৪৬২	ঢাকা মেট্রো-থ-৬৩-৬৭৬২
২৩৬৩	ঢাকা মেট্রো-থ-৫২-২৫৯৭	২৪৬৩	ঢাকা মেট্রো-থ-১৪-৩৯১৩
২৩৬৪	ঢাকা মেট্রো-থ-৮৯-১৫১৬	২৪৬৪	ঢাকা মেট্রো-থ-৫৫-১০৬৪
২৩৬৫	ঢাকা মেট্রো-থ-৩৬-৯৪৩৫	২৪৬৫	ঢাকা মেট্রো-থ-৯৬-৭২১৫
২৩৬৬	ঢাকা মেট্রো-থ-৭৩-৮৩৫৪	২৪৬৬	ঢাকা মেট্রো-থ-৪৭-৪৩৬৬
২৩৬৭	ঢাকা মেট্রো-থ-২০-৭২৭৩	২৪৬৭	ঢাকা মেট্রো-থ-৮৮-১৫১৭
২৩৬৮	ঢাকা মেট্রো-থ-৫৭-৬১৯২	২৪৬৮	ঢাকা মেট্রো-থ-৩৯-৭৬৬৮
২৩৬৯	ঢাকা মেট্রো-থ-৯৪-৫১১১	২৪৬৯	ঢাকা মেট্রো-থ-৮০-৪৮১৯
২৩৭০	ঢাকা মেট্রো-থ-৪১-৪০৩০	২৪৭০	ঢাকা মেট্রো-থ-৩১-১৯৭০
২৩৭১	ঢাকা মেট্রো-থ-৭৮-২৯৪৯	২৪৭১	ঢাকা মেট্রো-থ-৭২-৮১২১
২৩৭২	ঢাকা মেট্রো-থ-২৫-১৮৬৮	২৪৭২	ঢাকা মেট্রো-থ-২৩-৫২৭২
২৩৭৩	ঢাকা মেট্রো-থ-৬২-৯৭৮৭	২৪৭৩	ঢাকা মেট্রো-থ-৬৪-২৪২৩
২৩৭৪	ঢাকা মেট্রো-থ-৯৯-৮৭০৬	২৪৭৪	ঢাকা মেট্রো-থ-১৫-৮৫৭৪
২৩৭৫	ঢাকা মেট্রো-থ-৪৬-৭৬২৫	২৪৭৫	ঢাকা মেট্রো-থ-৫৬-৫৭২৫
২৩৭৬	ঢাকা মেট্রো-থ-৮৩-৬৫৪৪	২৪৭৬	ঢাকা মেট্রো-থ-৯৭-২৮৭৬
২৩৭৭	ঢাকা মেট্রো-থ-৩০-৫৪৬৩	২৪৭৭	ঢাকা মেট্রো-থ-৪৮-৯০২৭
২৩৭৮	ঢাকা মেট্রো-থ-৬৭-৪৩৮২	২৪৭৮	ঢাকা মেট্রো-থ-৮৯-৬১৭৮
২৩৭৯	ঢাকা মেট্রো-থ-১৪-৩৩০১	২৪৭৯	ঢাকা মেট্রো-থ-৪০-৩৩২৯
২৩৮০	ঢাকা মেট্রো-থ-৫১-২২২০	২৪৮০	ঢাকা মেট্রো-থ-৮১-৯৪৮০
২৩৮১	ঢাকা মেট্রো-থ-৮৮-১১৩৯	২৪৮১	ঢাকা মেট্রো-থ-৩২-৬৬৩১
২৩৮২	ঢাকা মেট্রো-থ-৩৫-৯০৫৮	২৪৮২	ঢাকা মেট্রো-থ-৭৩-৩৭৮২
২৩৮৩	ঢাকা মেট্রো-থ-৭২-৭৯৭৭	২৪৮৩	ঢাকা মেট্রো-থ-২৪-৯৯৩৩
২৩৮৪	ঢাকা মেট্রো-থ-১৯-৬৮৯৬	২৪৮৪	ঢাকা মেট্রো-থ-৬৫-৭০৮৪
২৩৮৫	ঢাকা মেট্রো-থ-৫৬-৫৮১৫	২৪৮৫	ঢাকা মেট্রো-থ-১৬-৪২৩৫
২৩৮৬	ঢাকা মেট্রো-থ-৯৩-৪৭৩৪	২৪৮৬	ঢাকা মেট্রো-থ-৫৭-১৩৮৬
২৩৮৭	ঢাকা মেট্রো-থ-৪০-৩৬৫৩	২৪৮৭	ঢাকা মেট্রো-থ-৯৮-৭৫৩৭
২৩৮৮	ঢাকা মেট্রো-থ-৭৭-২৫৭২	২৪৮৮	ঢাকা মেট্রো-থ-৪৯-৪৬৮৮
২৩৮৯	ঢাকা মেট্রো-থ-২৪-১৪৯১	২৪৮৯	ঢাকা মেট্রো-থ-৯০-১৮৩৯
২৩৯০	ঢাকা মেট্রো-থ-৬১-৯৪১০	২৪৯০	ঢাকা মেট্রো-থ-৪১-৭৯৯০
২৩৯১	ঢাকা মেট্রো-থ-৯৮-৮৩২৯	২৪৯১	ঢাকা মেট্রো-থ-৮২-৫১৪১
২৩৯২	ঢাকা মেট্রো-থ-৪৫-৭২৪৮	২৪৯২	ঢাকা মেট্রো-থ-৩৩-২২৯২
২৩৯৩	ঢাকা মেট্রো-থ-৮২-৬১৬৭	২৪৯৩	ঢাকা মেট্রো-থ-৭৪-৮৪৪৩
২৩৯৪	ঢাকা মেট্রো-থ-২৯-৫০৮৬	২৪৯৪	ঢাকা মেট্রো-থ-২৫-৫৫৯৪
২৩৯৫	ঢাকা মেট্রো-থ-৬৬-৪০০৫	২৪৯৫	ঢাকা মেট্রো-থ-৬৬-২৭৪৫
২৩৯৬	ঢাকা মেট্রো-থ-১৩-২৯২৪	২৪৯৬	ঢাকা মেট্রো-থ-১৭-৮৮৯৬
২৩৯৭	ঢাকা মেট্রো-থ-৫০-১৮৪৩	২৪৯৭	ঢাকা মেট্রো-থ-৫৮-৬০৪৭
২৩৯৮	ঢাকা মেট্রো-থ-৮৭-৯৭৬২	২৪৯৮	ঢাকা মেট্রো-থ-৯৯-৩১৯৮
২৩৯৯	ঢাকা মেট্রো-থ-৩৪-৮৬৮১	২৪৯৯	ঢাকা মেট্রো-থ-৫০-৯৩৪৯
২৪০০	ঢাকা মেট্রো-থ-৭১-৭৬০০	২৫০০	ঢাকা মেট্রো-থ-৯১-৬৫০০
তারিখঃ ০৩/০৬/২০১৮খ্রিঃ (রবিবার)
(২৫০১-২৬০০)
ক্রমিক নং	রেজিস্ট্রেশন নম্বর	ক্রমিক নং	রেজিস্ট্রেশন নম্বর
২৫০১	ঢাকা মেট্রো-থ-২৮-৬৪১৯	২৫৫১	ঢাকা মেট্রো-থ-২২-৫২০১
২৫০২	ঢাকা মেট্রো-থ-৬৫-৫৩৩৮	২৫৫২	ঢাকা মেট্রো-থ-৬৩-২৩৫২
২৫০৩	ঢাকা মেট্রো-থ-১২-৪২৫৭	২৫৫৩	ঢাকা মেট্রো-থ-১৪-৮৫০৩
২৫০৪	ঢাকা মেট্রো-থ-৪৯-৩১৭৬	২৫৫৪	ঢাকা মেট্রো-থ-৫৫-৫৬৫৪
২৫০৫	ঢাকা মেট্রো-থ-৮৬-২০৯৫	২৫৫৫	ঢাকা মেট্রো-থ-৯৬-২৮০৫
২৫০৬	ঢাকা মেট্রো-থ-৩৩-১০১৪	২৫৫৬	ঢাকা মেট্রো-থ-৪৭-৮৯৫৬
২৫০৭	ঢাকা মেট্রো-থ-৭০-৮৯৩৩	২৫৫৭	ঢাকা মেট্রো-থ-৮৮-৬১০৭
২৫০৮	ঢাকা মেট্রো-থ-১৭-৭৮৫২	২৫৫৮	ঢাকা মেট্রো-থ-৩৯-৩২৫৮
২৫০৯	ঢাকা মেট্রো-থ-৫৪-৬৭৭১	২৫৫৯	ঢাকা মেট্রো-থ-৮০-৯৪০৯
২৫১০	ঢাকা মেট্রো-থ-৯১-৫৬৯০	২৫৬০	ঢাকা মেট্রো-থ-৩১-৬৫৬০
২৫১১	ঢাকা মেট্রো-থ-৩৮-৪৬০৯	২৫৬১	ঢাকা মেট্রো-থ-৭২-৩৭১১
২৫১২	ঢাকা মেট্রো-থ-৭৫-৩৫২৮	২৫৬২	ঢাকা মেট্রো-থ-২৩-৯৮৬২
২৫১৩	ঢাকা মেট্রো-থ-২২-২৪৪৭	২৫৬৩	ঢাকা মেট্রো-থ-৬৪-৭০১৩
২৫১৪	ঢাকা মেট্রো-থ-৫৯-১৩৬৬	২৫৬৪	ঢাকা মেট্রো-থ-১৫-৪১৬৪
২৫১৫	ঢাকা মেট্রো-থ-৯৬-৯২৮৫	২৫৬৫	ঢাকা মেট্রো-থ-৫৬-১৩১৫
২৫১৬	ঢাকা মেট্রো-থ-৪৩-৮২০৪	২৫৬৬	ঢাকা মেট্রো-থ-৯৭-৭৪৬৬
২৫১৭	ঢাকা মেট্রো-থ-৮০-৭১২৩	২৫৬৭	ঢাকা মেট্রো-থ-৪৮-৪৬১৭
২৫১৮	ঢাকা মেট্রো-থ-২৭-৬০৪২	২৫৬৮	ঢাকা মেট্রো-থ-৮৯-১৭৬৮
২৫১৯	ঢাকা মেট্রো-থ-৬৪-৪৯৬১	২৫৬৯	ঢাকা মেট্রো-থ-৪০-৭৯১৯
২৫২০	ঢাকা মেট্রো-থ-১১-৩৮৮০	২৫৭০	ঢাকা মেট্রো-থ-৮১-৫০৭০
২৫২১	ঢাকা মেট্রো-থ-৪৮-২৭৯৯	২৫৭১	ঢাকা মেট্রো-থ-৩২-২২২১
২৫২২	ঢাকা মেট্রো-থ-৮৫-১৭১৮	২৫৭২	ঢাকা মেট্রো-থ-৭৩-৮৩৭২
২৫২৩	ঢাকা মেট্রো-থ-৩২-৯৬৩৭	২৫৭৩	ঢাকা মেট্রো-থ-২৪-৫৫২৩
২৫২৪	ঢাকা মেট্রো-থ-৬৯-৮৫৫৬	২৫৭৪	ঢাকা মেট্রো-থ-৬৫-২৬৭৪
২৫২৫	ঢাকা মেট্রো-থ-১৬-৭৪৭৫	২৫৭৫	ঢাকা মেট্রো-থ-১৬-৮৮২৫
২৫২৬	ঢাকা মেট্রো-থ-৫৩-৬৩৯৪	২৫৭৬	ঢাকা মেট্রো-থ-৫৭-৫৯৭৬
২৫২৭	ঢাকা মেট্রো-থ-৯০-৫৩১৩	২৫৭৭	ঢাকা মেট্রো-থ-৯৮-৩১২৭
২৫২৮	ঢাকা মেট্রো-থ-৩৭-৪২৩২	২৫৭৮	ঢাকা মেট্রো-থ-৪৯-৯২৭৮
২৫২৯	ঢাকা মেট্রো-থ-৭৪-৩১৫১	২৫৭৯	ঢাকা মেট্রো-থ-৯০-৬৪২৯
২৫৩০	ঢাকা মেট্রো-থ-২১-২০৭০	২৫৮০	ঢাকা মেট্রো-থ-৪১-৩৫৮০
২৫৩১	ঢাকা মেট্রো-থ-৫৮-৯৯৮৯	২৫৮১	ঢাকা মেট্রো-থ-৮২-৯৭৩১
২৫৩২	ঢাকা মেট্রো-থ-৯৫-৮৯০৮	২৫৮২	ঢাকা মেট্রো-থ-৩৩-৬৮৮২
২৫৩৩	ঢাকা মেট্রো-থ-৪২-৭৮২৭	২৫৮৩	ঢাকা মেট্রো-থ-৭৪-৪০৩৩
২৫৩৪	ঢাকা মেট্রো-থ-৭৯-৬৭৪৬	২৫৮৪	ঢাকা মেট্রো-থ-২৫-১১৮৪
২৫৩৫	ঢাকা মেট্রো-থ-২৬-৫৬৬৫	২৫৮৫	ঢাকা মেট্রো-থ-৬৬-৭৩৩৫
২৫৩৬	ঢাকা মেট্রো-থ-৬৩-৪৫৮৪	২৫৮৬	ঢাকা মেট্রো-থ-১৭-৪৪৮৬
২৫৩৭	ঢাকা মেট্রো-থ-১০০-৩৫০৩	২৫৮৭	ঢাকা মেট্রো-থ-৫৮-১৬৩৭
২৫৩৮	ঢাকা মেট্রো-থ-৪৭-২৪২২	২৫৮৮	ঢাকা মেট্রো-থ-৯৯-৭৭৮৮
২৫৩৯	ঢাকা মেট্রো-থ-৮৪-১৩৪১	২৫৮৯	ঢাকা মেট্রো-থ-৫০-৪৯৩৯
২৫৪০	ঢাকা মেট্রো-থ-৩১-৯২৬০	২৫৯০	ঢাকা মেট্রো-থ-৯১-২০৯০
২৫৪১	ঢাকা মেট্রো-থ-৬৮-৮১৭৯	২৫৯১	ঢাকা মেট্রো-থ-৪২-৮২৪১
২৫৪২	ঢাকা মেট্রো-থ-১৫-৭০৯৮	২৫৯২	ঢাকা মেট্রো-থ-৮৩-৫৩৯২
২৫৪৩	ঢাকা মেট্রো-থ-৫২-৬০১৭	২৫৯৩	ঢাকা মেট্রো-থ-৩৪-২৫৪৩
২৫৪৪	ঢাকা মেট্রো-থ-৮৯-৪৯৩৬	২৫৯৪	ঢাকা মেট্রো-থ-৭৫-৮৬৯৪
২৫৪৫	ঢাকা মেট্রো-থ-৩৬-৩৮৫৫	২৫৯৫	ঢাকা মেট্রো-থ-২৬-৫৮৪৫
২৫৪৬	ঢাকা মেট্রো-থ-৭৩-২৭৭৪	২৫৯৬	ঢাকা মেট্রো-থ-৬৭-২৯৯৬
২৫৪৭	ঢাকা মেট্রো-থ-২০-১৬৯৩	২৫৯৭	ঢাকা মেট্রো-থ-১৮-৯১৪৭
২৫৪৮	ঢাকা মেট্রো-থ-৫৭-৯৬১২	২৫৯৮	ঢাকা মেট্রো-থ-৫৯-৬২৯৮
২৫৪৯	ঢাকা মেট্রো-থ-৯৪-৮৫৩১	২৫৯৯	ঢাকা মেট্রো-থ-১০০-৩৪৪৯
২৫৫০	ঢাকা মেট্রো-থ-৪১-৭৪৫০	২৬০০	ঢাকা মেট্রো-থ-৫১-৯৬০০
মোঃ মাসুদ আলম
উপ-পরিচালক (ইঞ্জিঃ)
বিআরটিএ, ঢাকা বিভাগ
ও
আহ্বায়ক
সিএনজি/পেট্রোলচালিত ৪-স্ট্রোক থ্রি-হুইলার অটোরিক্সা স্ক্র্যাপ কমিটি
জিডি-১৮৬৩	ঢাকা মেট্রোপলিটন এলাকা
